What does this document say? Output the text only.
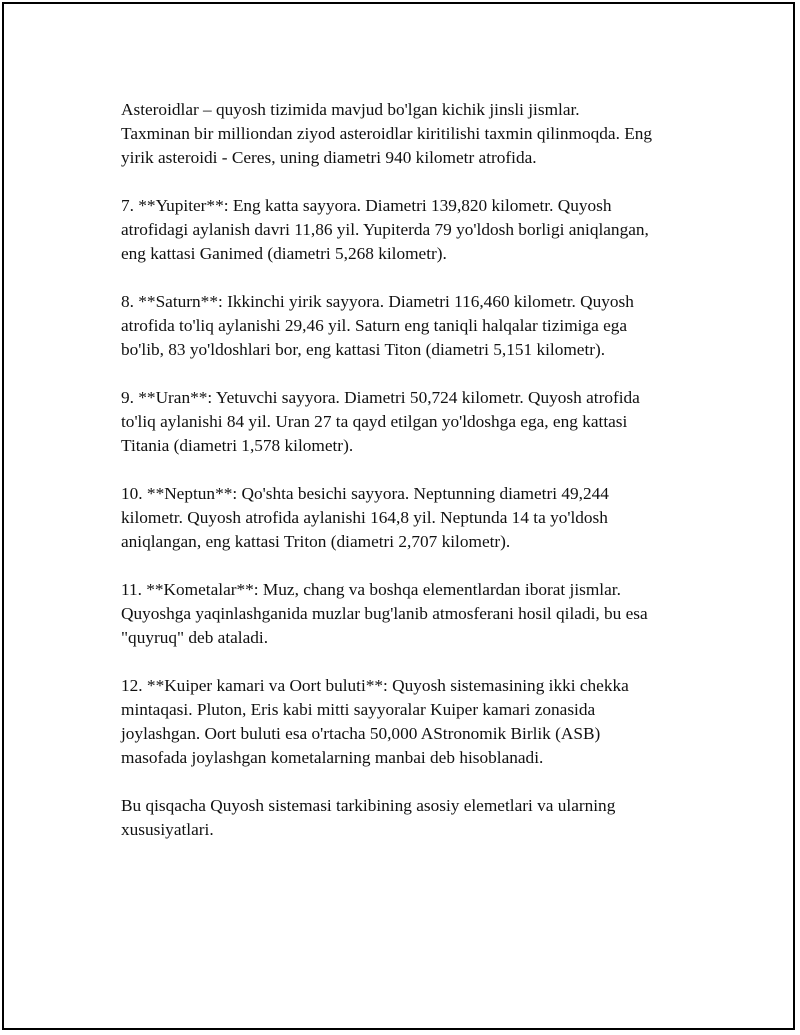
Asteroidlar – quyosh tizimida mavjud bo'lgan kichik jinsli jismlar.
Taxminan bir milliondan ziyod asteroidlar kiritilishi taxmin qilinmoqda. Eng
yirik asteroidi - Ceres, uning diametri 940 kilometr atrofida.

7. **Yupiter**: Eng katta sayyora. Diametri 139,820 kilometr. Quyosh
atrofidagi aylanish davri 11,86 yil. Yupiterda 79 yo'ldosh borligi aniqlangan,
eng kattasi Ganimed (diametri 5,268 kilometr).

8. **Saturn**: Ikkinchi yirik sayyora. Diametri 116,460 kilometr. Quyosh
atrofida to'liq aylanishi 29,46 yil. Saturn eng taniqli halqalar tizimiga ega
bo'lib, 83 yo'ldoshlari bor, eng kattasi Titon (diametri 5,151 kilometr).

9. **Uran**: Yetuvchi sayyora. Diametri 50,724 kilometr. Quyosh atrofida
to'liq aylanishi 84 yil. Uran 27 ta qayd etilgan yo'ldoshga ega, eng kattasi
Titania (diametri 1,578 kilometr).

10. **Neptun**: Qo'shta besichi sayyora. Neptunning diametri 49,244
kilometr. Quyosh atrofida aylanishi 164,8 yil. Neptunda 14 ta yo'ldosh
aniqlangan, eng kattasi Triton (diametri 2,707 kilometr).

11. **Kometalar**: Muz, chang va boshqa elementlardan iborat jismlar.
Quyoshga yaqinlashganida muzlar bug'lanib atmosferani hosil qiladi, bu esa
"quyruq" deb ataladi.

12. **Kuiper kamari va Oort buluti**: Quyosh sistemasining ikki chekka
mintaqasi. Pluton, Eris kabi mitti sayyoralar Kuiper kamari zonasida
joylashgan. Oort buluti esa o'rtacha 50,000 AStronomik Birlik (ASB)
masofada joylashgan kometalarning manbai deb hisoblanadi.

Bu qisqacha Quyosh sistemasi tarkibining asosiy elemetlari va ularning
xususiyatlari.
